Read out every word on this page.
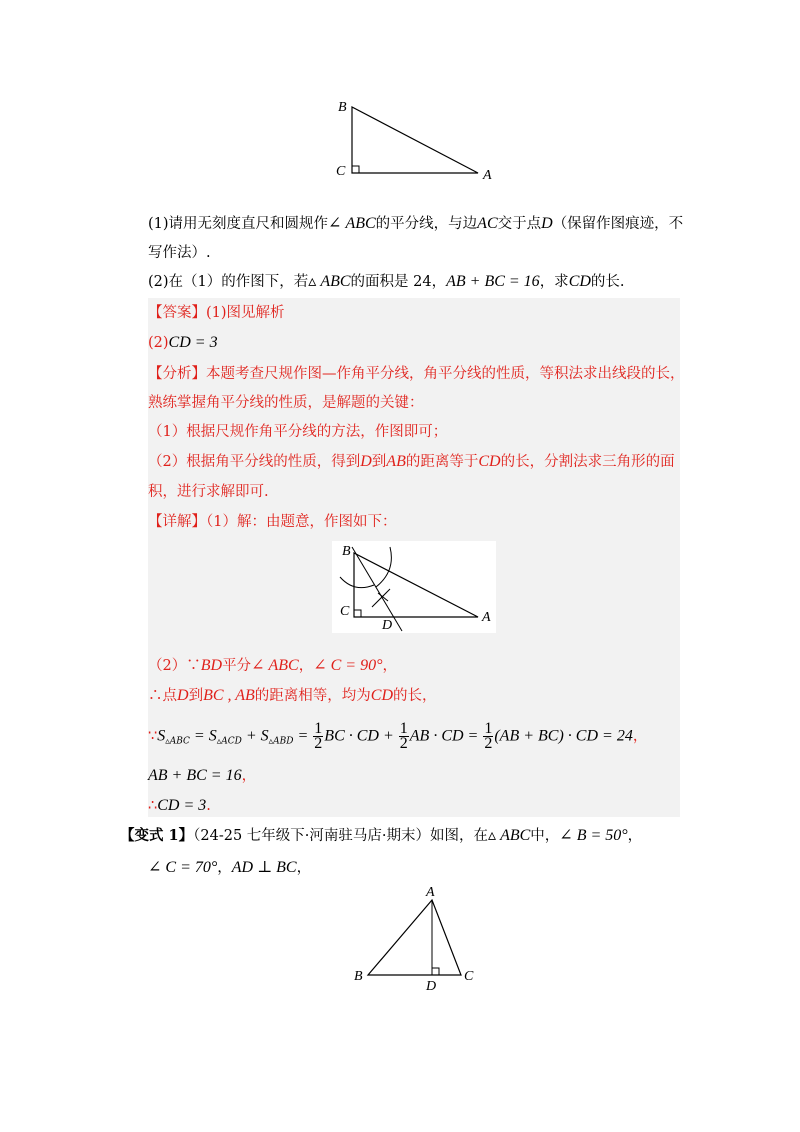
B
C	A
(1)请用无刻度直尺和圆规作∠ ABC的平分线，与边AC交于点D（保留作图痕迹，不
写作法）.
(2)在（1）的作图下，若▵ ABC的面积是 24，AB + BC = 16，求CD的长.
【答案】(1)图见解析
(2)CD = 3
【分析】本题考查尺规作图—作角平分线，角平分线的性质，等积法求出线段的长，
熟练掌握角平分线的性质，是解题的关键：
（1）根据尺规作角平分线的方法，作图即可；
（2）根据角平分线的性质，得到D到AB的距离等于CD的长，分割法求三角形的面
积，进行求解即可.
【详解】（1）解：由题意，作图如下：
B
C
D
A
（2）∵BD平分∠ ABC，∠ C = 90°，
∴点D到BC , AB的距离相等，均为CD的长，
$\because S_{▵ABC} = S_{▵ACD} + S_{▵ABD} = \frac{1}{2}$ BC · CD + $\frac{1}{2}$ AB · CD = $\frac{1}{2} (AB + BC)$ · CD = 24，
AB + BC = 16，
∴CD = 3.
【变式 1】（24-25 七年级下·河南驻马店·期末）如图，在▵ ABC中，∠ B = 50°，
∠ C = 70°，AD ⊥ BC，
A
B	C
D
